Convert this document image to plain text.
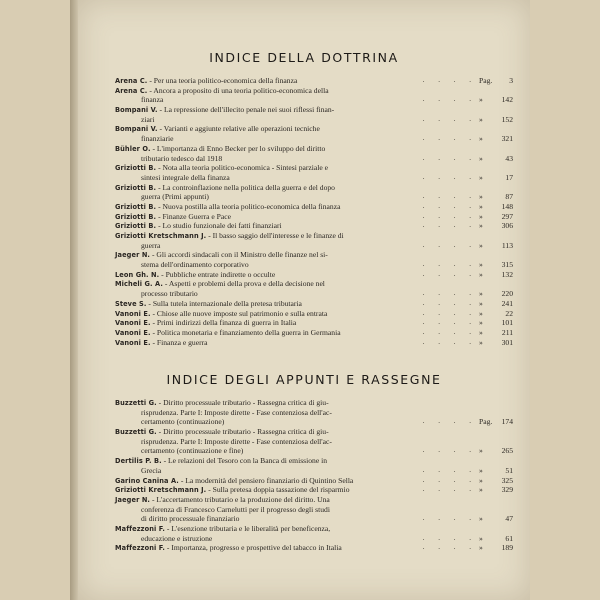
INDICE DELLA DOTTRINA
Arena C. - Per una teoria politico-economica della finanza	. . . . Pag. 3
Arena C. - Ancora a proposito di una teoria politico-economica della
finanza	. . . . » 142
Bompani V. - La repressione dell'illecito penale nei suoi riflessi finan-
ziari	. . . . » 152
Bompani V. - Varianti e aggiunte relative alle operazioni tecniche
finanziarie	. . . . » 321
Bühler O. - L'importanza di Enno Becker per lo sviluppo del diritto
tributario tedesco dal 1918	. . . . »	43
Griziotti B. - Nota alla teoria politico-economica - Sintesi parziale e
sintesi integrale della finanza	. . . . »	17
Griziotti B. - La controinflazione nella politica della guerra e del dopo
guerra (Primi appunti)	. . . . »	87
Griziotti B. - Nuova postilla alla teoria politico-economica della finanza	. . . . » 148
Griziotti B. - Finanze Guerra e Pace	. . . . » 297
Griziotti B. - Lo studio funzionale dei fatti finanziari	. . . . » 306
Griziotti Kretschmann J. - Il basso saggio dell'interesse e le finanze di
guerra	. . . . »	113
Jaeger N. - Gli accordi sindacali con il Ministro delle finanze nel si-
stema dell'ordinamento corporativo	. . . . » 315
Leon Gh. N. - Pubbliche entrate indirette o occulte	. . . . » 132
Micheli G. A. - Aspetti e problemi della prova e della decisione nel
processo tributario	. . . . » 220
Steve S. - Sulla tutela internazionale della pretesa tributaria	. . . . » 241
Vanoni E. - Chiose alle nuove imposte sul patrimonio e sulla entrata	. . . . »	22
Vanoni E. - Primi indirizzi della finanza di guerra in Italia	. . . . » 101
Vanoni E. - Politica monetaria e finanziamento della guerra in Germania	. . . . »	211
Vanoni E. - Finanza e guerra	. . . . » 301
INDICE DEGLI APPUNTI E RASSEGNE
Buzzetti G. - Diritto processuale tributario - Rassegna critica di giu-
risprudenza. Parte I: Imposte dirette - Fase contenziosa dell'ac-
certamento (continuazione)	. . . . Pag. 174
Buzzetti G. - Diritto processuale tributario - Rassegna critica di giu-
risprudenza. Parte I: Imposte dirette - Fase contenziosa dell'ac-
certamento (continuazione e fine)	. . . . » 265
Dertilis P. B. - Le relazioni del Tesoro con la Banca di emissione in
Grecia	. . . . »	51
Garino Canina A. - La modernità del pensiero finanziario di Quintino Sella	. . . . » 325
Griziotti Kretschmann J. - Sulla pretesa doppia tassazione del risparmio	. . . . » 329
Jaeger N. - L'accertamento tributario e la produzione del diritto. Una
conferenza di Francesco Carnelutti per il progresso degli studi
di diritto processuale finanziario	. . . . »	47
Maffezzoni F. - L'esenzione tributaria e le liberalità per beneficenza,
educazione e istruzione	. . . . »	61
Maffezzoni F. - Importanza, progresso e prospettive del tabacco in Italia	. . . . » 189
